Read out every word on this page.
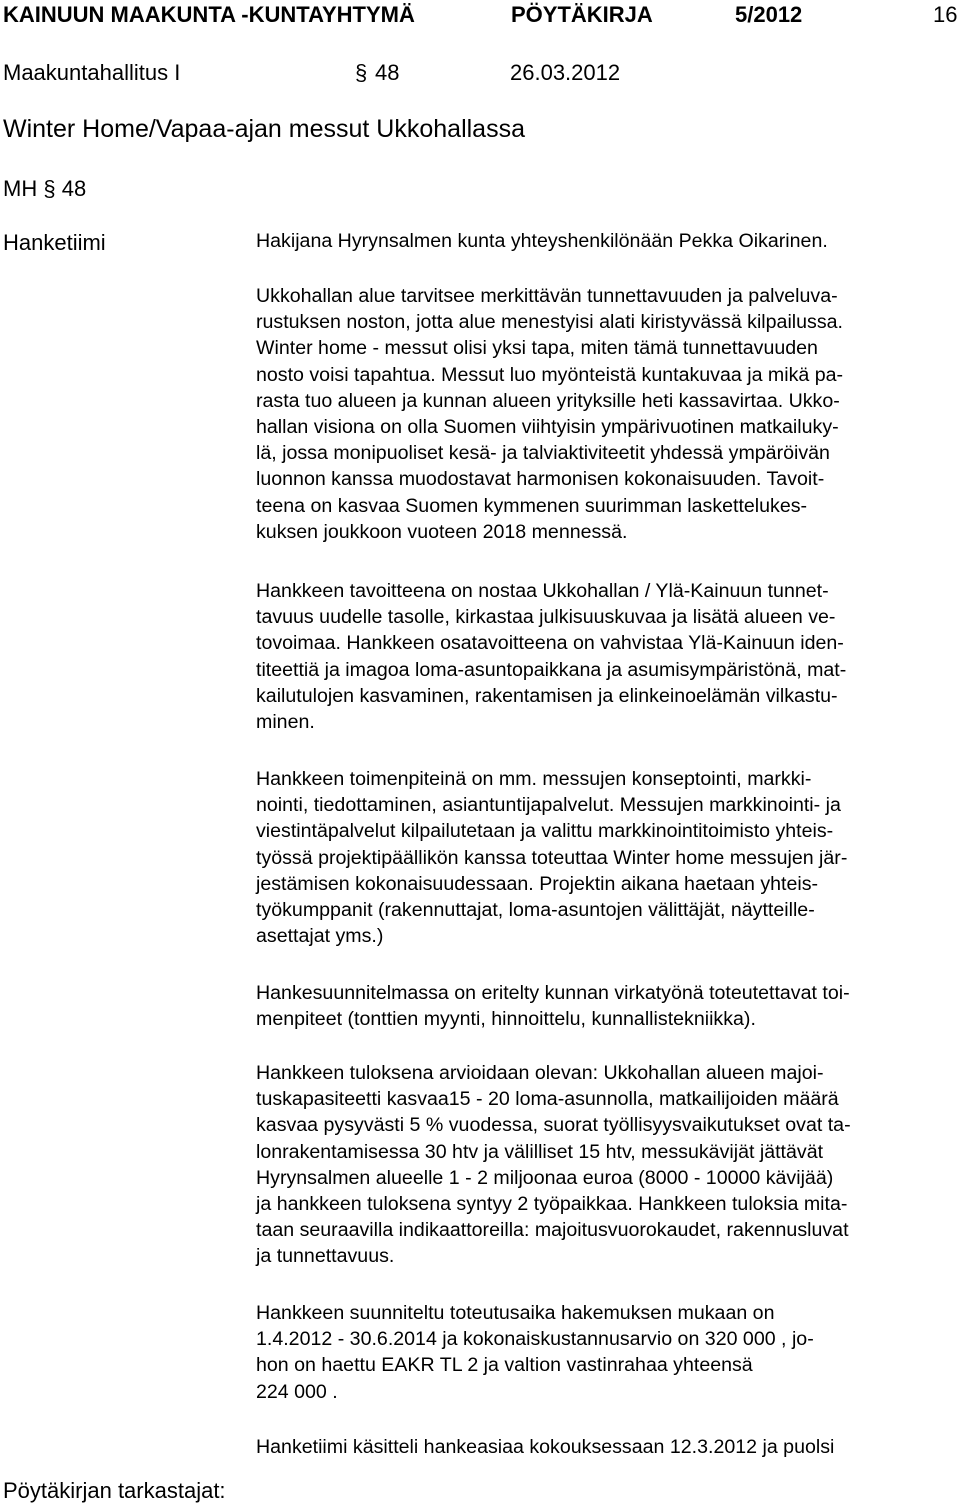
KAINUUN MAAKUNTA -KUNTAYHTYMÄ	PÖYTÄKIRJA	5/2012	16
Maakuntahallitus I	§ 48	26.03.2012
Winter Home/Vapaa-ajan messut Ukkohallassa
MH § 48
Hanketiimi	Hakijana Hyrynsalmen kunta yhteyshenkilönään Pekka Oikarinen.
Ukkohallan alue tarvitsee merkittävän tunnettavuuden ja palveluva-
rustuksen noston, jotta alue menestyisi alati kiristyvässä kilpailussa.
Winter home - messut olisi yksi tapa, miten tämä tunnettavuuden
nosto voisi tapahtua. Messut luo myönteistä kuntakuvaa ja mikä pa-
rasta tuo alueen ja kunnan alueen yrityksille heti kassavirtaa. Ukko-
hallan visiona on olla Suomen viihtyisin ympärivuotinen matkailuky-
lä, jossa monipuoliset kesä- ja talviaktiviteetit yhdessä ympäröivän
luonnon kanssa muodostavat harmonisen kokonaisuuden. Tavoit-
teena on kasvaa Suomen kymmenen suurimman laskettelukes-
kuksen joukkoon vuoteen 2018 mennessä.
Hankkeen tavoitteena on nostaa Ukkohallan / Ylä-Kainuun tunnet-
tavuus uudelle tasolle, kirkastaa julkisuuskuvaa ja lisätä alueen ve-
tovoimaa. Hankkeen osatavoitteena on vahvistaa Ylä-Kainuun iden-
titeettiä ja imagoa loma-asuntopaikkana ja asumisympäristönä, mat-
kailutulojen kasvaminen, rakentamisen ja elinkeinoelämän vilkastu-
minen.
Hankkeen toimenpiteinä on mm. messujen konseptointi, markki-
nointi, tiedottaminen, asiantuntijapalvelut. Messujen markkinointi- ja
viestintäpalvelut kilpailutetaan ja valittu markkinointitoimisto yhteis-
työssä projektipäällikön kanssa toteuttaa Winter home messujen jär-
jestämisen kokonaisuudessaan. Projektin aikana haetaan yhteis-
työkumppanit (rakennuttajat, loma-asuntojen välittäjät, näytteille-
asettajat yms.)
Hankesuunnitelmassa on eritelty kunnan virkatyönä toteutettavat toi-
menpiteet (tonttien myynti, hinnoittelu, kunnallistekniikka).
Hankkeen tuloksena arvioidaan olevan: Ukkohallan alueen majoi-
tuskapasiteetti kasvaa15 - 20 loma-asunnolla, matkailijoiden määrä
kasvaa pysyvästi 5 % vuodessa, suorat työllisyysvaikutukset ovat ta-
lonrakentamisessa 30 htv ja välilliset 15 htv, messukävijät jättävät
Hyrynsalmen alueelle 1 - 2 miljoonaa euroa (8000 - 10000 kävijää)
ja hankkeen tuloksena syntyy 2 työpaikkaa. Hankkeen tuloksia mita-
taan seuraavilla indikaattoreilla: majoitusvuorokaudet, rakennusluvat
ja tunnettavuus.
Hankkeen suunniteltu toteutusaika hakemuksen mukaan on
1.4.2012 - 30.6.2014 ja kokonaiskustannusarvio on 320 000 , jo-
hon on haettu EAKR TL 2 ja valtion vastinrahaa yhteensä
224 000 .
Hanketiimi käsitteli hankeasiaa kokouksessaan 12.3.2012 ja puolsi
Pöytäkirjan tarkastajat:
